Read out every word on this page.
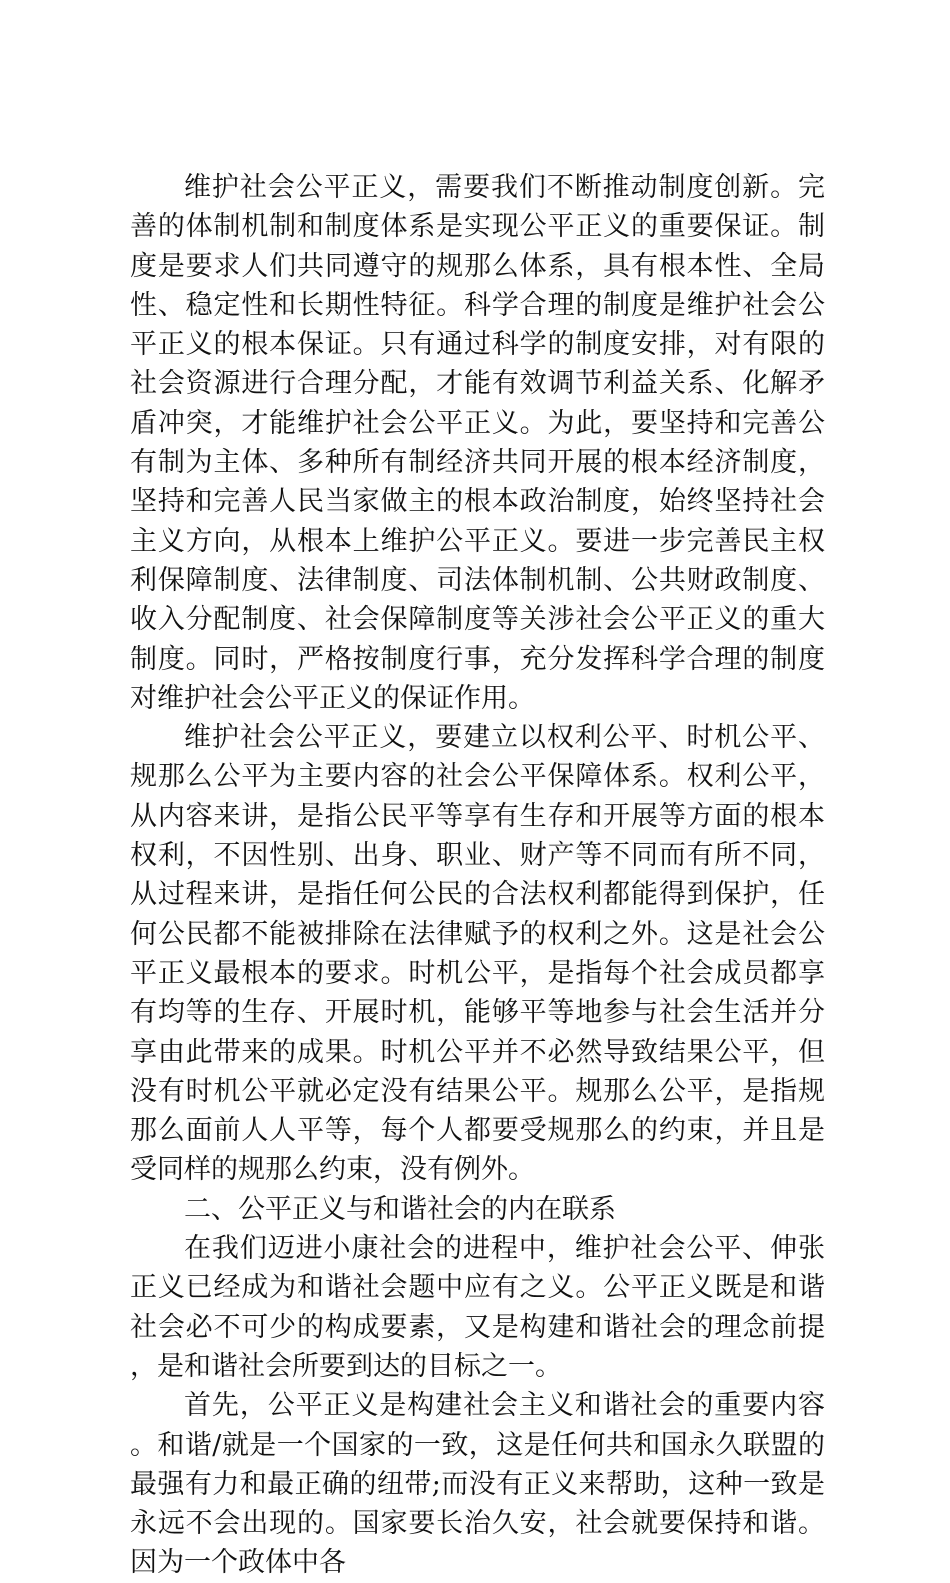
维护社会公平正义，需要我们不断推动制度创新。完善的体制机制和制度体系是实现公平正义的重要保证。制度是要求人们共同遵守的规那么体系，具有根本性、全局性、稳定性和长期性特征。科学合理的制度是维护社会公平正义的根本保证。只有通过科学的制度安排，对有限的社会资源进行合理分配，才能有效调节利益关系、化解矛盾冲突，才能维护社会公平正义。为此，要坚持和完善公有制为主体、多种所有制经济共同开展的根本经济制度，坚持和完善人民当家做主的根本政治制度，始终坚持社会主义方向，从根本上维护公平正义。要进一步完善民主权利保障制度、法律制度、司法体制机制、公共财政制度、收入分配制度、社会保障制度等关涉社会公平正义的重大制度。同时，严格按制度行事，充分发挥科学合理的制度对维护社会公平正义的保证作用。

维护社会公平正义，要建立以权利公平、时机公平、规那么公平为主要内容的社会公平保障体系。权利公平，从内容来讲，是指公民平等享有生存和开展等方面的根本权利，不因性别、出身、职业、财产等不同而有所不同，从过程来讲，是指任何公民的合法权利都能得到保护，任何公民都不能被排除在法律赋予的权利之外。这是社会公平正义最根本的要求。时机公平，是指每个社会成员都享有均等的生存、开展时机，能够平等地参与社会生活并分享由此带来的成果。时机公平并不必然导致结果公平，但没有时机公平就必定没有结果公平。规那么公平，是指规那么面前人人平等，每个人都要受规那么的约束，并且是受同样的规那么约束，没有例外。

二、公平正义与和谐社会的内在联系

在我们迈进小康社会的进程中，维护社会公平、伸张正义已经成为和谐社会题中应有之义。公平正义既是和谐社会必不可少的构成要素，又是构建和谐社会的理念前提，是和谐社会所要到达的目标之一。

首先，公平正义是构建社会主义和谐社会的重要内容。和谐/就是一个国家的一致，这是任何共和国永久联盟的最强有力和最正确的纽带;而没有正义来帮助，这种一致是永远不会出现的。国家要长治久安，社会就要保持和谐。因为一个政体中各
